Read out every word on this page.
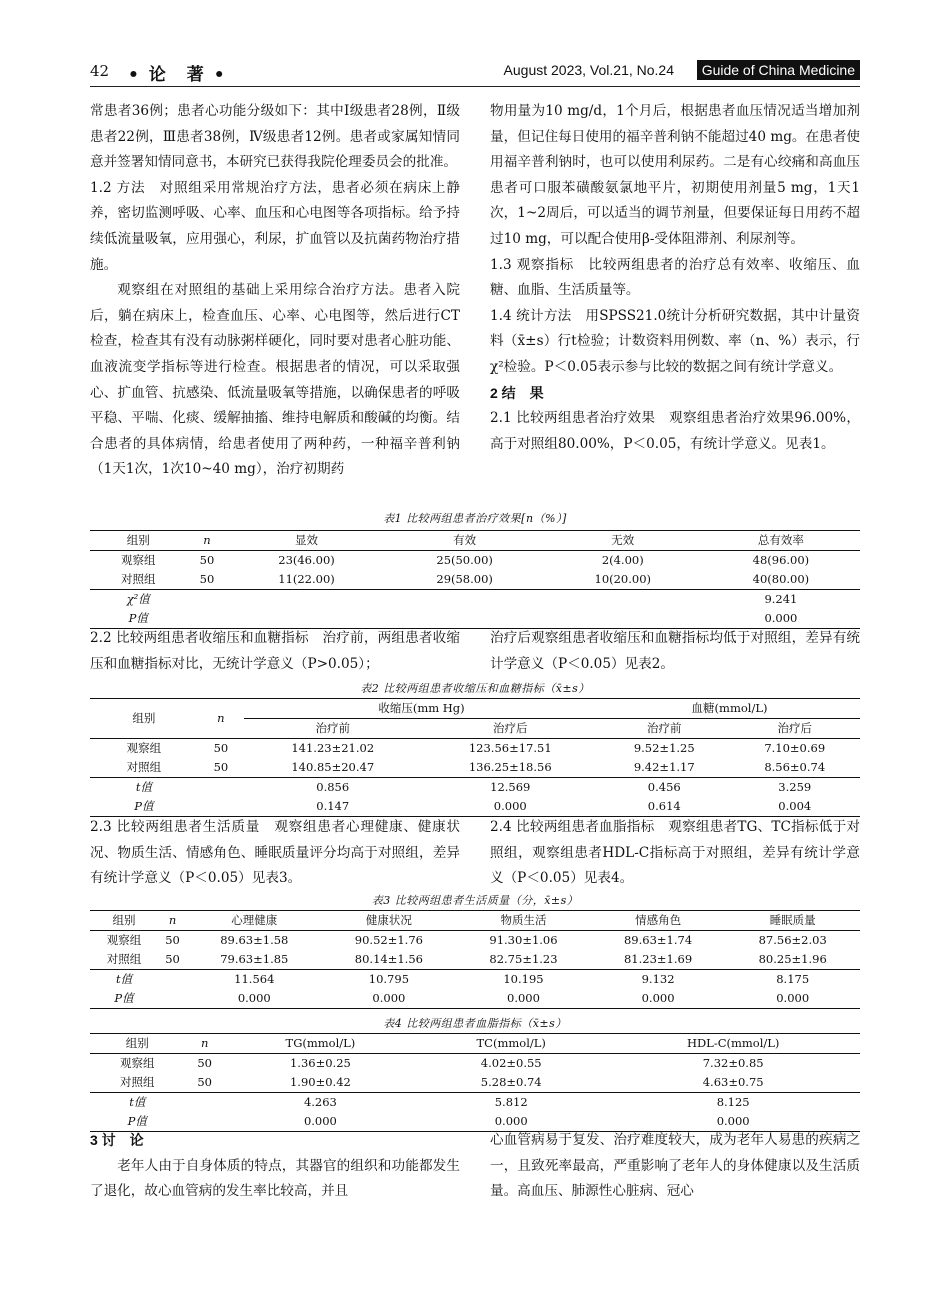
42 • 论　著 •	August 2023, Vol.21, No.24	Guide of China Medicine

常患者36例；患者心功能分级如下：其中Ⅰ级患者28例，Ⅱ级患者22例，Ⅲ患者38例，Ⅳ级患者12例。患者或家属知情同意并签署知情同意书，本研究已获得我院伦理委员会的批准。

1.2 方法　对照组采用常规治疗方法，患者必须在病床上静养，密切监测呼吸、心率、血压和心电图等各项指标。给予持续低流量吸氧，应用强心，利尿，扩血管以及抗菌药物治疗措施。

观察组在对照组的基础上采用综合治疗方法。患者入院后，躺在病床上，检查血压、心率、心电图等，然后进行CT检查，检查其有没有动脉粥样硬化，同时要对患者心脏功能、血液流变学指标等进行检查。根据患者的情况，可以采取强心、扩血管、抗感染、低流量吸氧等措施，以确保患者的呼吸平稳、平喘、化痰、缓解抽搐、维持电解质和酸碱的均衡。结合患者的具体病情，给患者使用了两种药，一种福辛普利钠（1天1次，1次10~40 mg），治疗初期药

物用量为10 mg/d，1个月后，根据患者血压情况适当增加剂量，但记住每日使用的福辛普利钠不能超过40 mg。在患者使用福辛普利钠时，也可以使用利尿药。二是有心绞痛和高血压患者可口服苯磺酸氨氯地平片，初期使用剂量5 mg，1天1次，1~2周后，可以适当的调节剂量，但要保证每日用药不超过10 mg，可以配合使用β-受体阻滞剂、利尿剂等。

1.3 观察指标　比较两组患者的治疗总有效率、收缩压、血糖、血脂、生活质量等。

1.4 统计方法　用SPSS21.0统计分析研究数据，其中计量资料（x̄±s）行t检验；计数资料用例数、率（n、%）表示，行χ²检验。P＜0.05表示参与比较的数据之间有统计学意义。

2 结　果

2.1 比较两组患者治疗效果　观察组患者治疗效果96.00%，高于对照组80.00%，P＜0.05，有统计学意义。见表1。

表1 比较两组患者治疗效果[n（%）]
组别	n	显效	有效	无效	总有效率
观察组	50	23(46.00)	25(50.00)	2(4.00)	48(96.00)
对照组	50	11(22.00)	29(58.00)	10(20.00)	40(80.00)
χ²值					9.241
P值					0.000
2.2 比较两组患者收缩压和血糖指标　治疗前，两组患者收缩压和血糖指标对比，无统计学意义（P>0.05）；
治疗后观察组患者收缩压和血糖指标均低于对照组，差异有统计学意义（P＜0.05）见表2。
表2 比较两组患者收缩压和血糖指标（x̄±s）
组别	n	收缩压(mm Hg)		血糖(mmol/L)	
		治疗前	治疗后	治疗前	治疗后
观察组	50	141.23±21.02	123.56±17.51	9.52±1.25	7.10±0.69
对照组	50	140.85±20.47	136.25±18.56	9.42±1.17	8.56±0.74
t值		0.856	12.569	0.456	3.259
P值		0.147	0.000	0.614	0.004
2.3 比较两组患者生活质量　观察组患者心理健康、健康状况、物质生活、情感角色、睡眠质量评分均高于对照组，差异有统计学意义（P＜0.05）见表3。
2.4 比较两组患者血脂指标　观察组患者TG、TC指标低于对照组，观察组患者HDL-C指标高于对照组，差异有统计学意义（P＜0.05）见表4。
表3 比较两组患者生活质量（分，x̄±s）
组别	n	心理健康	健康状况	物质生活	情感角色	睡眠质量
观察组	50	89.63±1.58	90.52±1.76	91.30±1.06	89.63±1.74	87.56±2.03
对照组	50	79.63±1.85	80.14±1.56	82.75±1.23	81.23±1.69	80.25±1.96
t值		11.564	10.795	10.195	9.132	8.175
P值		0.000	0.000	0.000	0.000	0.000
表4 比较两组患者血脂指标（x̄±s）
组别	n	TG(mmol/L)	TC(mmol/L)	HDL-C(mmol/L)
观察组	50	1.36±0.25	4.02±0.55	7.32±0.85
对照组	50	1.90±0.42	5.28±0.74	4.63±0.75
t值		4.263	5.812	8.125
P值		0.000	0.000	0.000

3 讨　论

老年人由于自身体质的特点，其器官的组织和功能都发生了退化，故心血管病的发生率比较高，并且

心血管病易于复发、治疗难度较大，成为老年人易患的疾病之一，且致死率最高，严重影响了老年人的身体健康以及生活质量。高血压、肺源性心脏病、冠心
